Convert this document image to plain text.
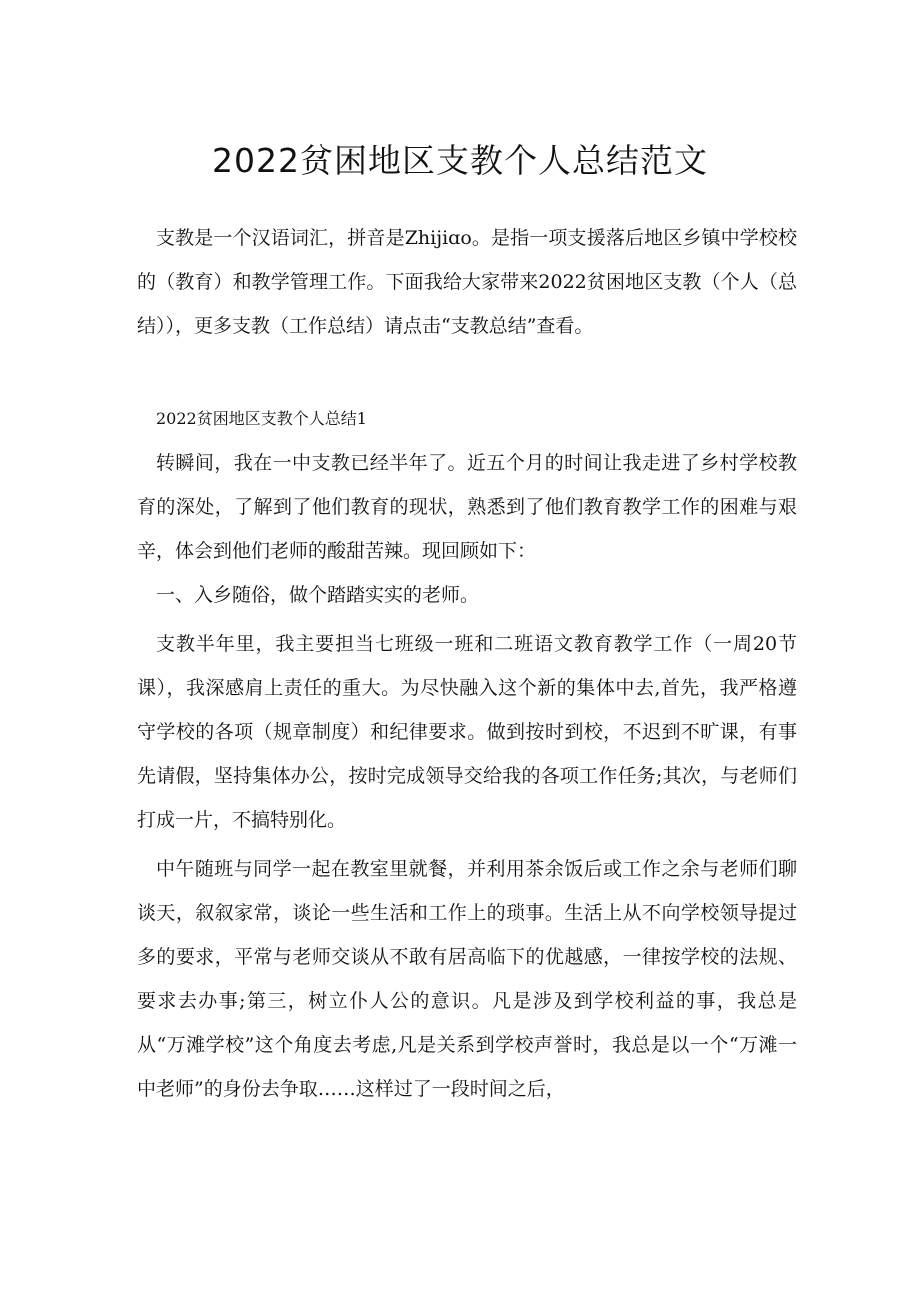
2022贫困地区支教个人总结范文

支教是一个汉语词汇，拼音是Zhijiɑo。是指一项支援落后地区乡镇中学校校的（教育）和教学管理工作。下面我给大家带来2022贫困地区支教（个人（总结）），更多支教（工作总结）请点击“支教总结”查看。

2022贫困地区支教个人总结1

转瞬间，我在一中支教已经半年了。近五个月的时间让我走进了乡村学校教育的深处，了解到了他们教育的现状，熟悉到了他们教育教学工作的困难与艰辛，体会到他们老师的酸甜苦辣。现回顾如下：

一、入乡随俗，做个踏踏实实的老师。

支教半年里，我主要担当七班级一班和二班语文教育教学工作（一周20节课），我深感肩上责任的重大。为尽快融入这个新的集体中去,首先，我严格遵守学校的各项（规章制度）和纪律要求。做到按时到校，不迟到不旷课，有事先请假，坚持集体办公，按时完成领导交给我的各项工作任务;其次，与老师们打成一片，不搞特别化。

中午随班与同学一起在教室里就餐，并利用茶余饭后或工作之余与老师们聊谈天，叙叙家常，谈论一些生活和工作上的琐事。生活上从不向学校领导提过多的要求，平常与老师交谈从不敢有居高临下的优越感，一律按学校的法规、要求去办事;第三，树立仆人公的意识。凡是涉及到学校利益的事，我总是从“万滩学校”这个角度去考虑,凡是关系到学校声誉时，我总是以一个“万滩一中老师”的身份去争取……这样过了一段时间之后，
